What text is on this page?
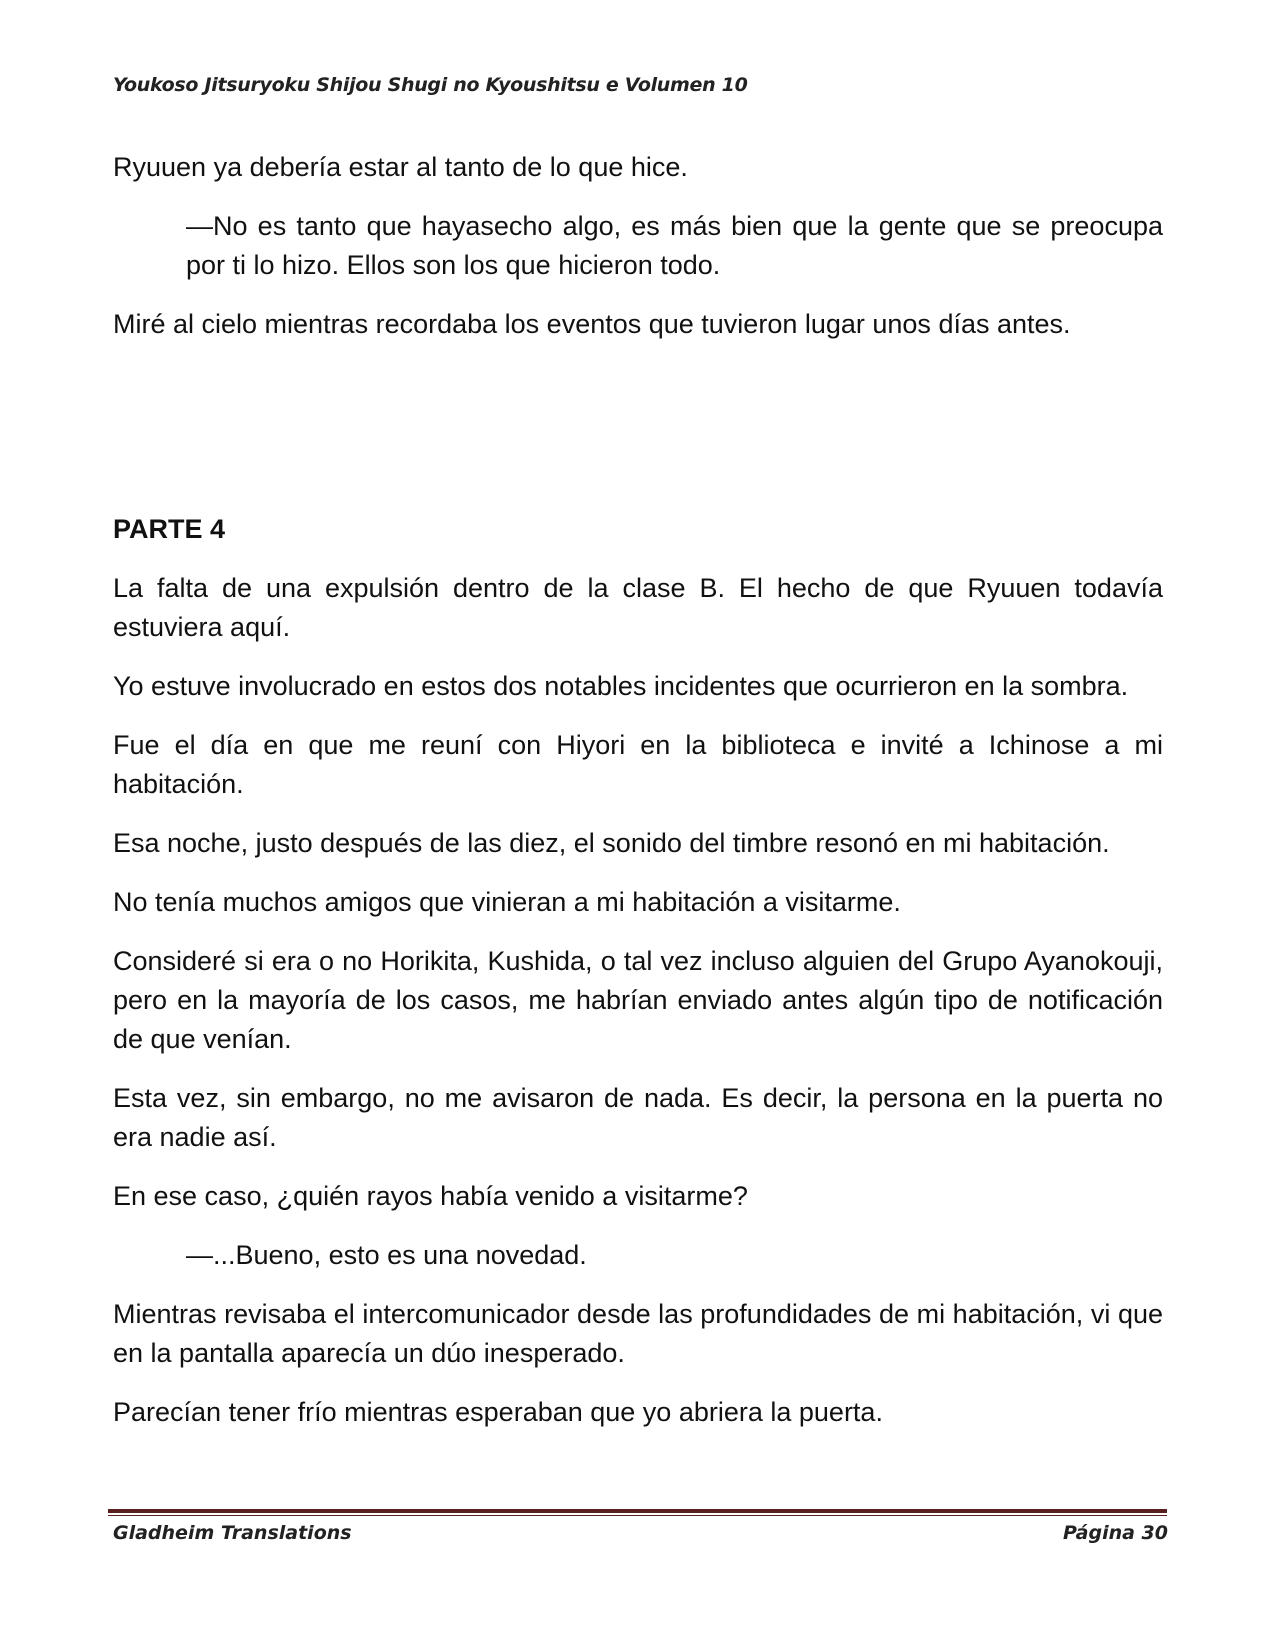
Youkoso Jitsuryoku Shijou Shugi no Kyoushitsu e Volumen 10

Ryuuen ya debería estar al tanto de lo que hice.

—No es tanto que hayasecho algo, es más bien que la gente que se preocupa por ti lo hizo. Ellos son los que hicieron todo.

Miré al cielo mientras recordaba los eventos que tuvieron lugar unos días antes.

PARTE 4

La falta de una expulsión dentro de la clase B. El hecho de que Ryuuen todavía estuviera aquí.

Yo estuve involucrado en estos dos notables incidentes que ocurrieron en la sombra.

Fue el día en que me reuní con Hiyori en la biblioteca e invité a Ichinose a mi habitación.

Esa noche, justo después de las diez, el sonido del timbre resonó en mi habitación.

No tenía muchos amigos que vinieran a mi habitación a visitarme.

Consideré si era o no Horikita, Kushida, o tal vez incluso alguien del Grupo Ayanokouji, pero en la mayoría de los casos, me habrían enviado antes algún tipo de notificación de que venían.

Esta vez, sin embargo, no me avisaron de nada. Es decir, la persona en la puerta no era nadie así.

En ese caso, ¿quién rayos había venido a visitarme?

—...Bueno, esto es una novedad.

Mientras revisaba el intercomunicador desde las profundidades de mi habitación, vi que en la pantalla aparecía un dúo inesperado.

Parecían tener frío mientras esperaban que yo abriera la puerta.

Gladheim Translations	Página 30
